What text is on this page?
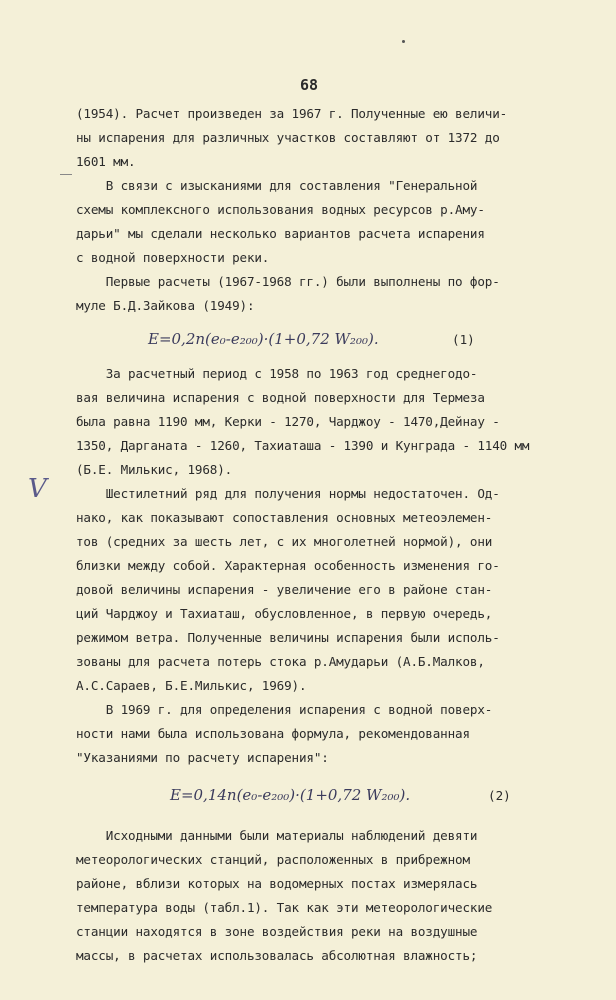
68
(1954). Расчет произведен за 1967 г. Полученные ею величи-
ны испарения для различных участков составляют от 1372 до
1601 мм.
В связи с изысканиями для составления "Генеральной
схемы комплексного использования водных ресурсов р.Аму-
дарьи" мы сделали несколько вариантов расчета испарения
с водной поверхности реки.
Первые расчеты (1967-1968 гг.) были выполнены по фор-
муле Б.Д.Зайкова (1949):
E=0,2n(e₀-e₂₀₀)·(1+0,72 W₂₀₀).	(1)
За расчетный период с 1958 по 1963 год среднегодо-
вая величина испарения с водной поверхности для Термеза
была равна 1190 мм, Керки - 1270, Чарджоу - 1470,Дейнау -
1350, Дарганата - 1260, Тахиаташа - 1390 и Кунграда - 1140 мм
(Б.Е. Милькис, 1968).
Шестилетний ряд для получения нормы недостаточен. Од-
нако, как показывают сопоставления основных метеоэлемен-
тов (средних за шесть лет, с их многолетней нормой), они
близки между собой. Характерная особенность изменения го-
довой величины испарения - увеличение его в районе стан-
ций Чарджоу и Тахиаташ, обусловленное, в первую очередь,
режимом ветра. Полученные величины испарения были исполь-
зованы для расчета потерь стока р.Амударьи (А.Б.Малков,
А.С.Сараев, Б.Е.Милькис, 1969).
В 1969 г. для определения испарения с водной поверх-
ности нами была использована формула, рекомендованная
"Указаниями по расчету испарения":
E=0,14n(e₀-e₂₀₀)·(1+0,72 W₂₀₀).	(2)
Исходными данными были материалы наблюдений девяти
метеорологических станций, расположенных в прибрежном
районе, вблизи которых на водомерных постах измерялась
температура воды (табл.1). Так как эти метеорологические
станции находятся в зоне воздействия реки на воздушные
массы, в расчетах использовалась абсолютная влажность;
V
